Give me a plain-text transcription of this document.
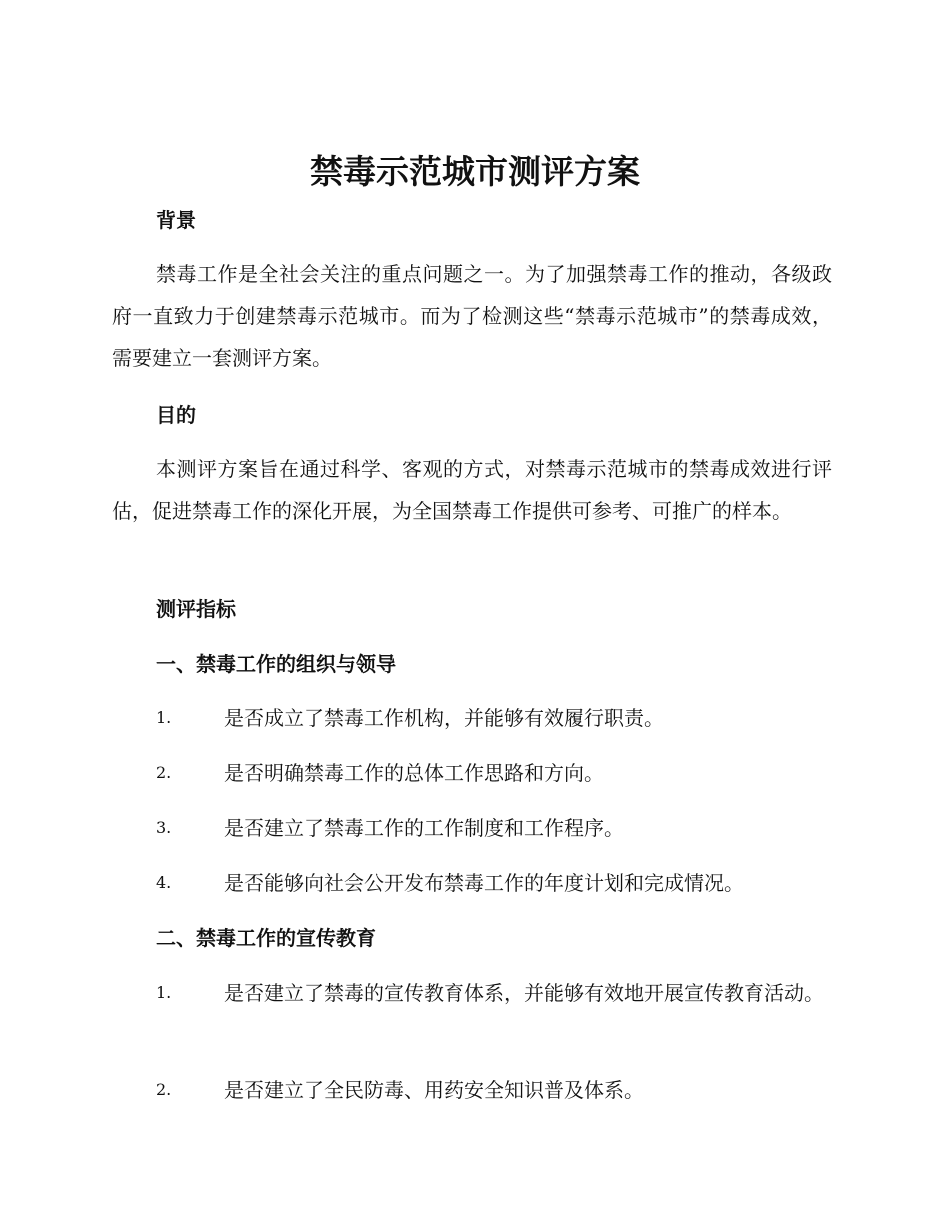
禁毒示范城市测评方案
背景

禁毒工作是全社会关注的重点问题之一。为了加强禁毒工作的推动，各级政府一直致力于创建禁毒示范城市。而为了检测这些“禁毒示范城市”的禁毒成效，需要建立一套测评方案。

目的

本测评方案旨在通过科学、客观的方式，对禁毒示范城市的禁毒成效进行评估，促进禁毒工作的深化开展，为全国禁毒工作提供可参考、可推广的样本。

测评指标
一、禁毒工作的组织与领导
1.	是否成立了禁毒工作机构，并能够有效履行职责。
2.	是否明确禁毒工作的总体工作思路和方向。
3.	是否建立了禁毒工作的工作制度和工作程序。
4.	是否能够向社会公开发布禁毒工作的年度计划和完成情况。
二、禁毒工作的宣传教育
1.	是否建立了禁毒的宣传教育体系，并能够有效地开展宣传教育活动。
2.	是否建立了全民防毒、用药安全知识普及体系。
